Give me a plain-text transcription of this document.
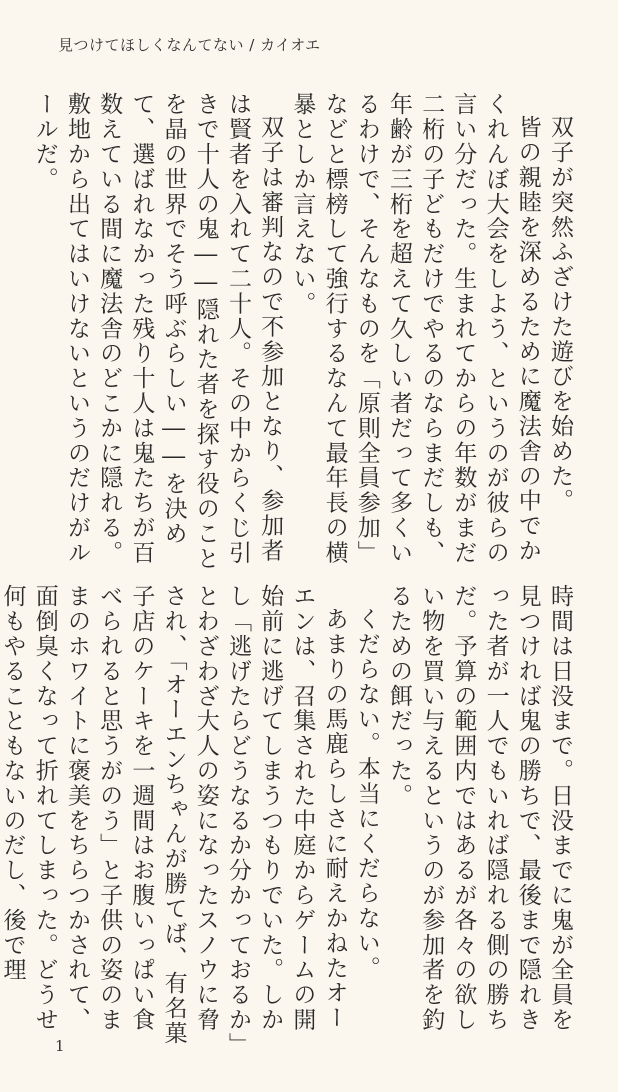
見つけてほしくなんてない / カイオエ

双子が突然ふざけた遊びを始めた。

皆の親睦を深めるために魔法舎の中でかくれんぼ大会をしよう、というのが彼らの言い分だった。生まれてからの年数がまだ二桁の子どもだけでやるのならまだしも、年齢が三桁を超えて久しい者だって多くいるわけで、そんなものを「原則全員参加」などと標榜して強行するなんて最年長の横暴としか言えない。

双子は審判なので不参加となり、参加者は賢者を入れて二十人。その中からくじ引きで十人の鬼――隠れた者を探す役のことを晶の世界でそう呼ぶらしい――を決めて、選ばれなかった残り十人は鬼たちが百数えている間に魔法舎のどこかに隠れる。敷地から出てはいけないというのだけがルールだ。

時間は日没まで。日没までに鬼が全員を見つければ鬼の勝ちで、最後まで隠れきった者が一人でもいれば隠れる側の勝ちだ。予算の範囲内ではあるが各々の欲しい物を買い与えるというのが参加者を釣るための餌だった。

くだらない。本当にくだらない。

あまりの馬鹿らしさに耐えかねたオーエンは、召集された中庭からゲームの開始前に逃げてしまうつもりでいた。しかし「逃げたらどうなるか分かっておるか」とわざわざ大人の姿になったスノウに脅され、「オーエンちゃんが勝てば、有名菓子店のケーキを一週間はお腹いっぱい食べられると思うがのう」と子供の姿のままのホワイトに褒美をちらつかされて、面倒臭くなって折れてしまった。どうせ何もやることもないのだし、後で理

1
